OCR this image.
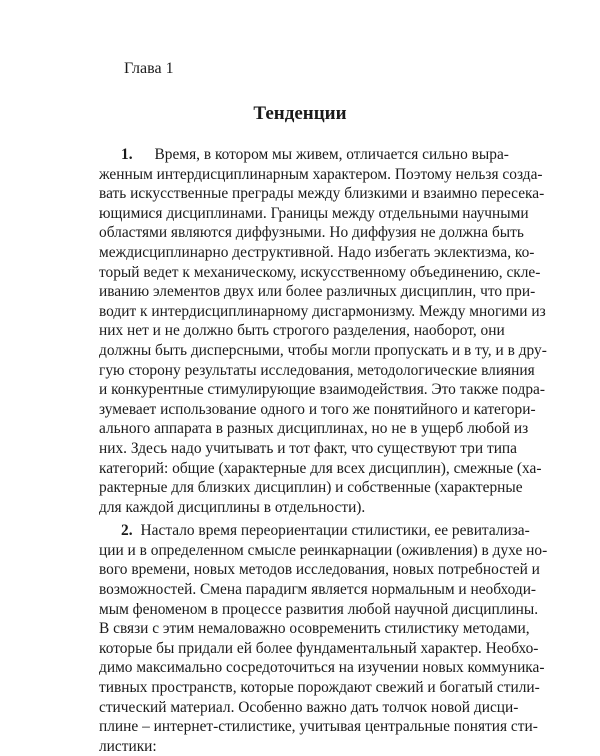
Глава 1

Тенденции
1. Время, в котором мы живем, отличается сильно выра-
женным интердисциплинарным характером. Поэтому нельзя созда-
вать искусственные преграды между близкими и взаимно пересека-
ющимися дисциплинами. Границы между отдельными научными
областями являются диффузными. Но диффузия не должна быть
междисциплинарно деструктивной. Надо избегать эклектизма, ко-
торый ведет к механическому, искусственному объединению, скле-
иванию элементов двух или более различных дисциплин, что при-
водит к интердисциплинарному дисгармонизму. Между многими из
них нет и не должно быть строгого разделения, наоборот, они
должны быть дисперсными, чтобы могли пропускать и в ту, и в дру-
гую сторону результаты исследования, методологические влияния
и конкурентные стимулирующие взаимодействия. Это также подра-
зумевает использование одного и того же понятийного и категори-
ального аппарата в разных дисциплинах, но не в ущерб любой из
них. Здесь надо учитывать и тот факт, что существуют три типа
категорий: общие (характерные для всех дисциплин), смежные (ха-
рактерные для близких дисциплин) и собственные (характерные
для каждой дисциплины в отдельности).
2. Настало время переориентации стилистики, ее ревитализа-
ции и в определенном смысле реинкарнации (оживления) в духе но-
вого времени, новых методов исследования, новых потребностей и
возможностей. Смена парадигм является нормальным и необходи-
мым феноменом в процессе развития любой научной дисциплины.
В связи с этим немаловажно осовременить стилистику методами,
которые бы придали ей более фундаментальный характер. Необхо-
димо максимально сосредоточиться на изучении новых коммуника-
тивных пространств, которые порождают свежий и богатый стили-
стический материал. Особенно важно дать толчок новой дисци-
плине – интернет-стилистике, учитывая центральные понятия сти-
листики:
